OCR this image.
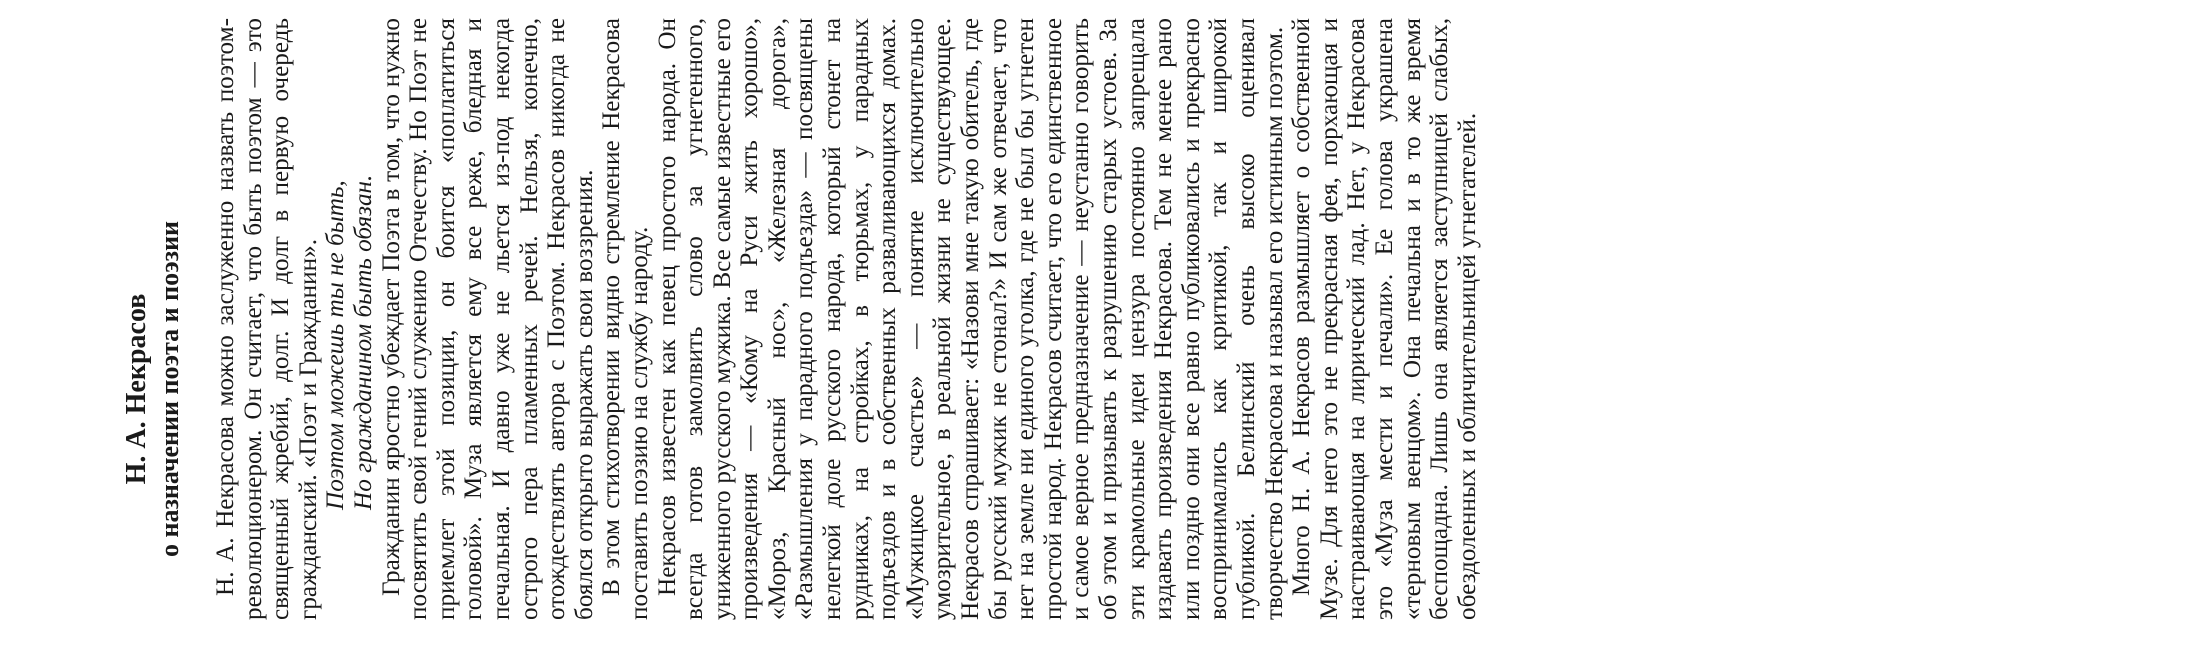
Н. А. Некрасов о назначении поэта и поэзии Н. А. Некрасова можно заслуженно назвать поэтом-революционером. Он считает, что быть поэтом — это священный жребий, долг. И долг в первую очередь гражданский. «Поэт и Гражданин». Поэтом можешь ты не быть, Но гражданином быть обязан. Гражданин яростно убеждает Поэта в том, что нужно посвятить свой гений служению Отечеству. Но Поэт не приемлет этой позиции, он боится «поплатиться головой». Муза является ему все реже, бледная и печальная. И давно уже не льется из-под некогда острого пера пламенных речей. Нельзя, конечно, отождествлять автора с Поэтом. Некрасов никогда не боялся открыто выражать свои воззрения. В этом стихотворении видно стремление Некрасова поставить поэзию на службу народу. Некрасов известен как певец простого народа. Он всегда готов замолвить слово за угнетенного, униженного русского мужика. Все самые известные его произведения — «Кому на Руси жить хорошо», «Мороз, Красный нос», «Железная дорога», «Размышления у парадного подъезда» — посвящены нелегкой доле русского народа, который стонет на рудниках, на стройках, в тюрьмах, у парадных подъездов и в собственных разваливающихся домах. «Мужицкое счастье» — понятие исключительно умозрительное, в реальной жизни не существующее. Некрасов спрашивает: «Назови мне такую обитель, где бы русский мужик не стонал?» И сам же отвечает, что нет на земле ни единого уголка, где не был бы угнетен простой народ. Некрасов считает, что его единственное и самое верное предназначение — неустанно говорить об этом и призывать к разрушению старых устоев. За эти крамольные идеи цензура постоянно запрещала издавать произведения Некрасова. Тем не менее рано или поздно они все равно публиковались и прекрасно воспринимались как критикой, так и широкой публикой. Белинский очень высоко оценивал творчество Некрасова и называл его истинным поэтом. Много Н. А. Некрасов размышляет о собственной Музе. Для него это не прекрасная фея, порхающая и настраивающая на лирический лад. Нет, у Некрасова это «Муза мести и печали». Ее голова украшена «терновым венцом». Она печальна и в то же время беспощадна. Лишь она является заступницей слабых, обездоленных и обличительницей угнетателей.
